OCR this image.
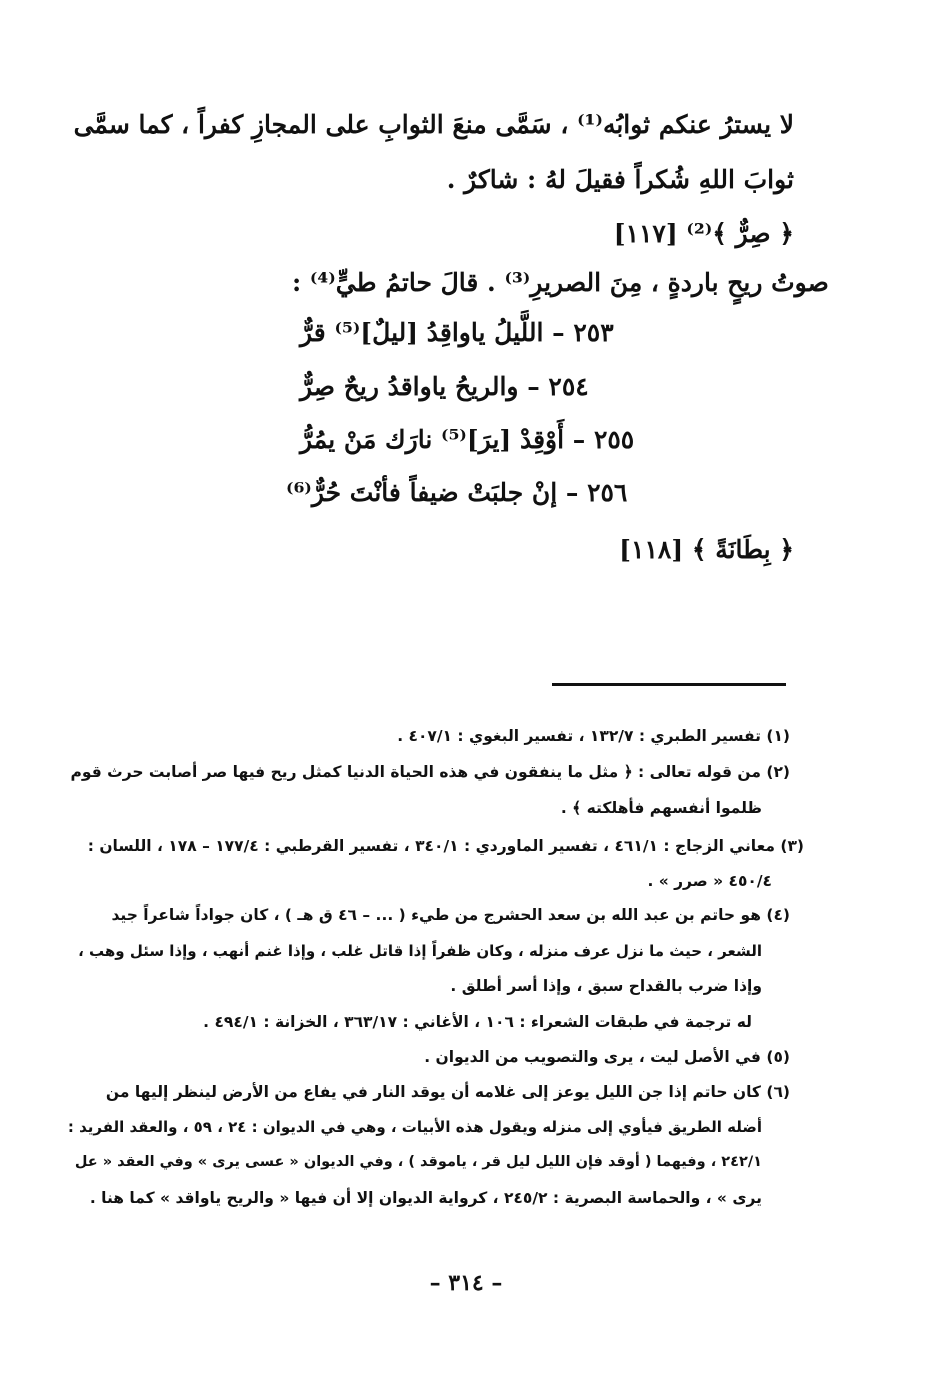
لا يسترُ عنكم ثوابُه⁽¹⁾ ، سَمَّى منعَ الثوابِ على المجازِ كفراً ، كما سمَّى
ثوابَ اللهِ شُكراً فقيلَ لهُ : شاكرٌ .
﴿ صِرٌّ ﴾⁽²⁾ [١١٧]
صوتُ ريحٍ باردةٍ ، مِنَ الصريرِ⁽³⁾ . قالَ حاتمُ طيٍّ⁽⁴⁾ :
٢٥٣ – اللَّيلُ ياواقِدُ [ليلٌ]⁽⁵⁾ قرٌّ
٢٥٤ – والريحُ ياواقدُ ريحٌ صِرٌّ
٢٥٥ – أَوْقِدْ [يرَ]⁽⁵⁾ نارَك مَنْ يمُرُّ
٢٥٦ – إنْ جلبَتْ ضيفاً فأنْتَ حُرٌّ⁽⁶⁾
﴿ بِطَانَةً ﴾ [١١٨]
(١) تفسير الطبري : ١٣٢/٧ ، تفسير البغوي : ٤٠٧/١ .
(٢) من قوله تعالى : ﴿ مثل ما ينفقون في هذه الحياة الدنيا كمثل ريح فيها صر أصابت حرث قوم
ظلموا أنفسهم فأهلكته ﴾ .
(٣) معاني الزجاج : ٤٦١/١ ، تفسير الماوردي : ٣٤٠/١ ، تفسير القرطبي : ١٧٧/٤ – ١٧٨ ، اللسان :
٤٥٠/٤ « صرر » .
(٤) هو حاتم بن عبد الله بن سعد الحشرج من طيء ( ... – ٤٦ ق هـ ) ، كان جواداً شاعراً جيد
الشعر ، حيث ما نزل عرف منزله ، وكان ظفراً إذا قاتل غلب ، وإذا غنم أنهب ، وإذا سئل وهب ،
وإذا ضرب بالقداح سبق ، وإذا أسر أطلق .
له ترجمة في طبقات الشعراء : ١٠٦ ، الأغاني : ٣٦٣/١٧ ، الخزانة : ٤٩٤/١ .
(٥) في الأصل ليت ، يرى والتصويب من الديوان .
(٦) كان حاتم إذا جن الليل يوعز إلى غلامه أن يوقد النار في يفاع من الأرض لينظر إليها من
أضله الطريق فيأوي إلى منزله ويقول هذه الأبيات ، وهي في الديوان : ٢٤ ، ٥٩ ، والعقد الفريد :
٢٤٢/١ ، وفيهما ( أوقد فإن الليل ليل قر ، ياموقد ) ، وفي الديوان « عسى يرى » وفي العقد « عل
يرى » ، والحماسة البصرية : ٢٤٥/٢ ، كرواية الديوان إلا أن فيها « والريح ياواقد » كما هنا .
– ٣١٤ –
